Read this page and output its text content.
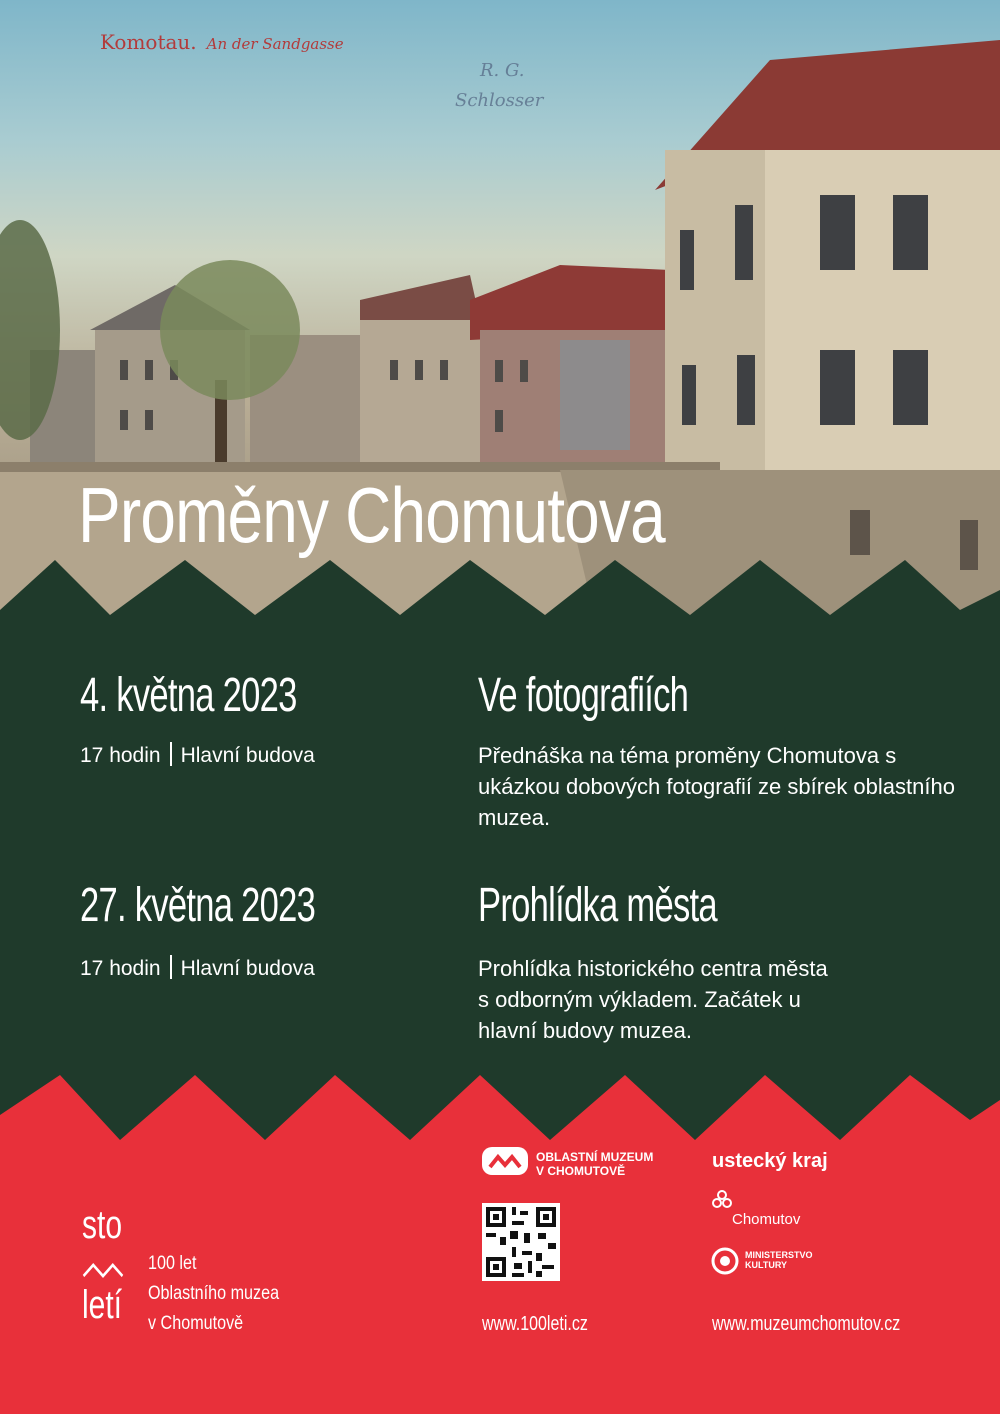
Komotau. An der Sandgasse
R. G.
Schlosser
Proměny Chomutova
4. května 2023
17 hodin Hlavní budova
Ve fotografiích
Přednáška na téma proměny Chomutova s ukázkou dobových fotografií ze sbírek oblastního muzea.
27. května 2023
17 hodin Hlavní budova
Prohlídka města
Prohlídka historického centra města s odborným výkladem. Začátek u hlavní budovy muzea.
sto
letí
100 let
Oblastního muzea
v Chomutově
OBLASTNÍ MUZEUM
V CHOMUTOVĚ
www.100leti.cz
ustecký kraj
Chomutov
MINISTERSTVO
KULTURY
www.muzeumchomutov.cz
